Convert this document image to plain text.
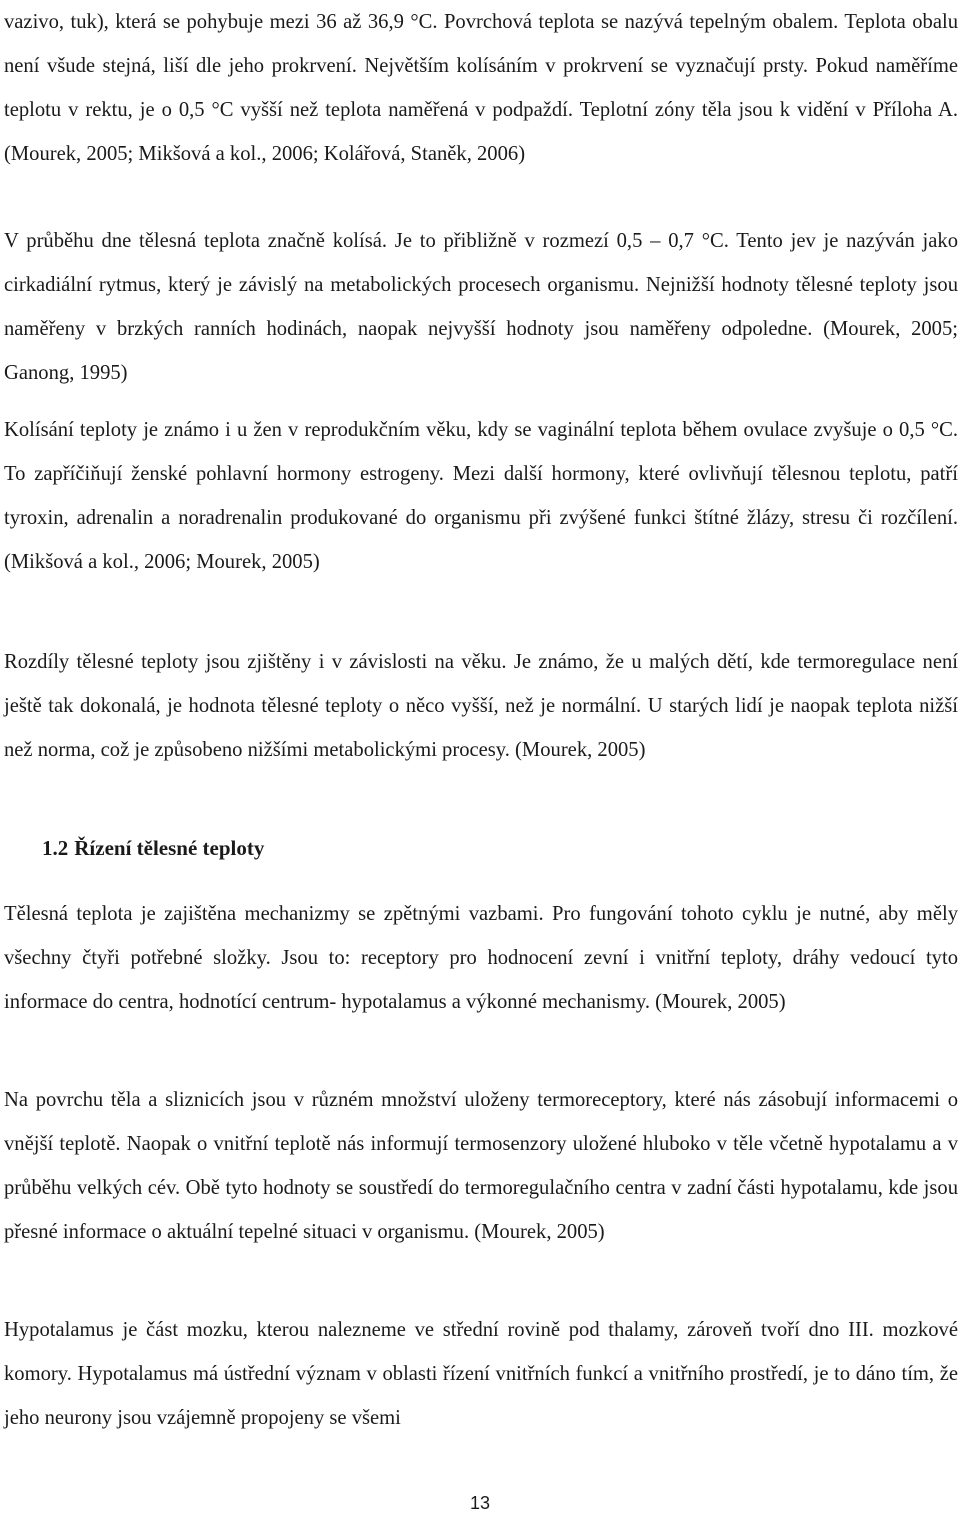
vazivo, tuk), která se pohybuje mezi 36 až 36,9 °C. Povrchová teplota se nazývá tepelným obalem. Teplota obalu není všude stejná, liší dle jeho prokrvení. Největším kolísáním v prokrvení se vyznačují prsty. Pokud naměříme teplotu v rektu, je o 0,5 °C vyšší než teplota naměřená v podpaždí. Teplotní zóny těla jsou k vidění v Příloha A. (Mourek, 2005; Mikšová a kol., 2006; Kolářová, Staněk, 2006)

V průběhu dne tělesná teplota značně kolísá. Je to přibližně v rozmezí 0,5 – 0,7 °C. Tento jev je nazýván jako cirkadiální rytmus, který je závislý na metabolických procesech organismu. Nejnižší hodnoty tělesné teploty jsou naměřeny v brzkých ranních hodinách, naopak nejvyšší hodnoty jsou naměřeny odpoledne. (Mourek, 2005; Ganong, 1995)

Kolísání teploty je známo i u žen v reprodukčním věku, kdy se vaginální teplota během ovulace zvyšuje o 0,5 °C. To zapříčiňují ženské pohlavní hormony estrogeny. Mezi další hormony, které ovlivňují tělesnou teplotu, patří tyroxin, adrenalin a noradrenalin produkované do organismu při zvýšené funkci štítné žlázy, stresu či rozčílení. (Mikšová a kol., 2006; Mourek, 2005)

Rozdíly tělesné teploty jsou zjištěny i v závislosti na věku. Je známo, že u malých dětí, kde termoregulace není ještě tak dokonalá, je hodnota tělesné teploty o něco vyšší, než je normální. U starých lidí je naopak teplota nižší než norma, což je způsobeno nižšími metabolickými procesy. (Mourek, 2005)

1.2 Řízení tělesné teploty

Tělesná teplota je zajištěna mechanizmy se zpětnými vazbami. Pro fungování tohoto cyklu je nutné, aby měly všechny čtyři potřebné složky. Jsou to: receptory pro hodnocení zevní i vnitřní teploty, dráhy vedoucí tyto informace do centra, hodnotící centrum- hypotalamus a výkonné mechanismy. (Mourek, 2005)

Na povrchu těla a sliznicích jsou v různém množství uloženy termoreceptory, které nás zásobují informacemi o vnější teplotě. Naopak o vnitřní teplotě nás informují termosenzory uložené hluboko v těle včetně hypotalamu a v průběhu velkých cév. Obě tyto hodnoty se soustředí do termoregulačního centra v zadní části hypotalamu, kde jsou přesné informace o aktuální tepelné situaci v organismu. (Mourek, 2005)

Hypotalamus je část mozku, kterou nalezneme ve střední rovině pod thalamy, zároveň tvoří dno III. mozkové komory. Hypotalamus má ústřední význam v oblasti řízení vnitřních funkcí a vnitřního prostředí, je to dáno tím, že jeho neurony jsou vzájemně propojeny se všemi

13
